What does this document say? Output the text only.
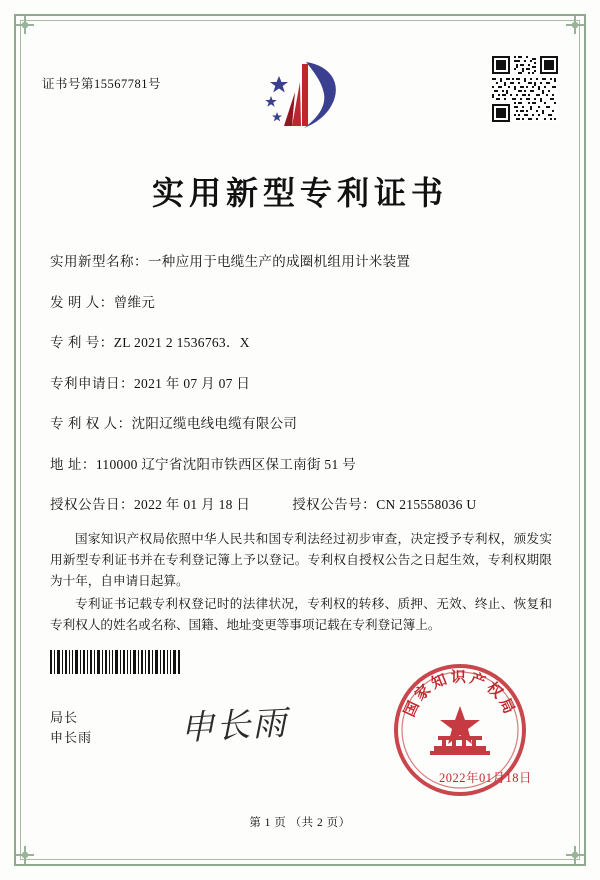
证书号第15567781号
实用新型专利证书
实用新型名称：一种应用于电缆生产的成圈机组用计米装置
发 明 人：曾维元
专 利 号：ZL 2021 2 1536763．X
专利申请日：2021 年 07 月 07 日
专 利 权 人：沈阳辽缆电线电缆有限公司
地 址：110000 辽宁省沈阳市铁西区保工南街 51 号
授权公告日：2022 年 01 月 18 日	授权公告号：CN 215558036 U

国家知识产权局依照中华人民共和国专利法经过初步审查，决定授予专利权，颁发实用新型专利证书并在专利登记簿上予以登记。专利权自授权公告之日起生效，专利权期限为十年，自申请日起算。

专利证书记载专利权登记时的法律状况，专利权的转移、质押、无效、终止、恢复和专利权人的姓名或名称、国籍、地址变更等事项记载在专利登记簿上。

局长
申长雨	申长雨	国家知识产权局
2022年01月18日
第 1 页 （共 2 页）
